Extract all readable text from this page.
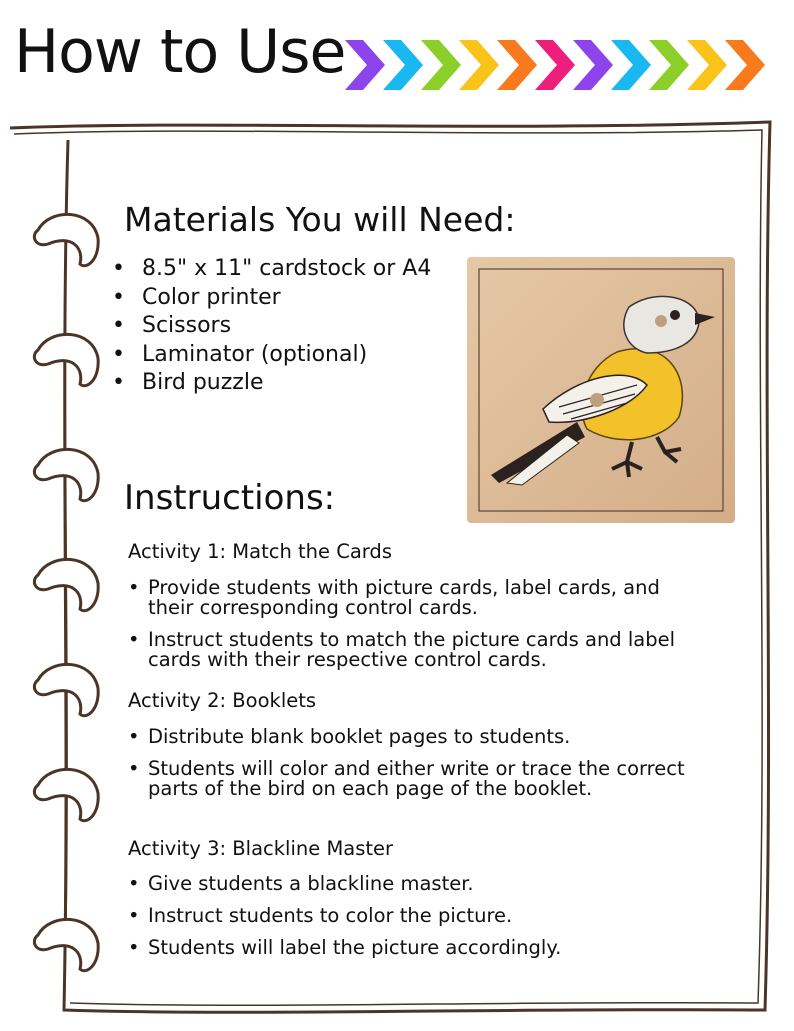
How to Use
Materials You will Need:
• 8.5" x 11" cardstock or A4
• Color printer
• Scissors
• Laminator (optional)
• Bird puzzle
Instructions:

Activity 1: Match the Cards

• Provide students with picture cards, label cards, and their corresponding control cards.
• Instruct students to match the picture cards and label cards with their respective control cards.

Activity 2: Booklets

• Distribute blank booklet pages to students.
• Students will color and either write or trace the correct parts of the bird on each page of the booklet.

Activity 3: Blackline Master

• Give students a blackline master.
• Instruct students to color the picture.
• Students will label the picture accordingly.
